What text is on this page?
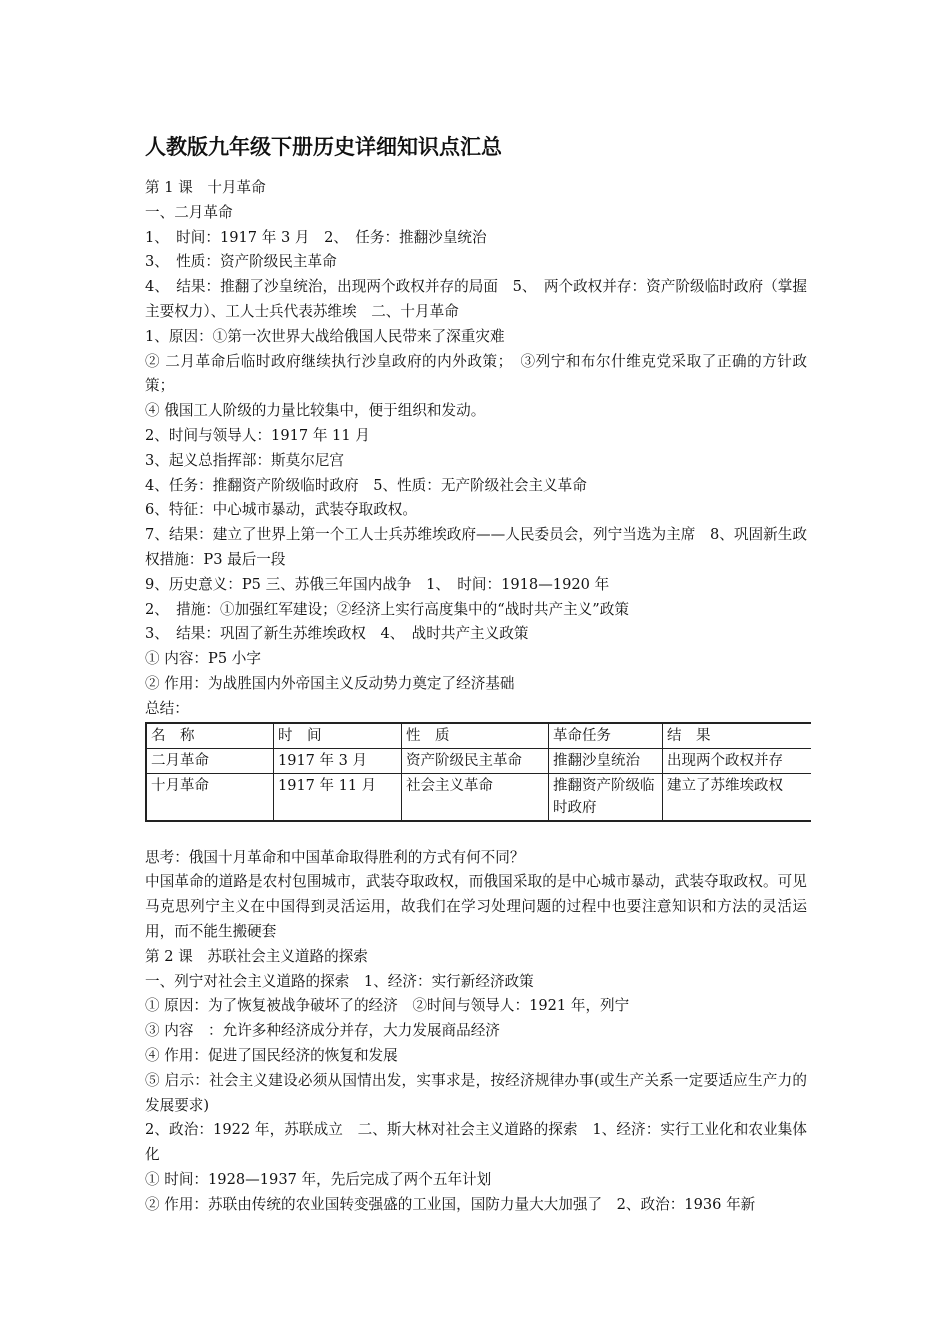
人教版九年级下册历史详细知识点汇总

第 1 课　十月革命

一、二月革命

1、　时间：1917 年 3 月　2、　任务：推翻沙皇统治

3、　性质：资产阶级民主革命

4、　结果：推翻了沙皇统治，出现两个政权并存的局面　5、　两个政权并存：资产阶级临时政府（掌握主要权力）、工人士兵代表苏维埃　二、十月革命

1、原因：①第一次世界大战给俄国人民带来了深重灾难

② 二月革命后临时政府继续执行沙皇政府的内外政策；　③列宁和布尔什维克党采取了正确的方针政策；

④ 俄国工人阶级的力量比较集中，便于组织和发动。

2、时间与领导人：1917 年 11 月

3、起义总指挥部：斯莫尔尼宫

4、任务：推翻资产阶级临时政府　5、性质：无产阶级社会主义革命

6、特征：中心城市暴动，武装夺取政权。

7、结果：建立了世界上第一个工人士兵苏维埃政府——人民委员会，列宁当选为主席　8、巩固新生政权措施：P3 最后一段

9、历史意义：P5 三、苏俄三年国内战争　1、　时间：1918—1920 年

2、　措施：①加强红军建设；②经济上实行高度集中的“战时共产主义”政策

3、　结果：巩固了新生苏维埃政权　4、　战时共产主义政策

① 内容：P5 小字

② 作用：为战胜国内外帝国主义反动势力奠定了经济基础

总结：

名　称	时　间	性　质	革命任务	结　果
二月革命	1917 年 3 月	资产阶级民主革命	推翻沙皇统治	出现两个政权并存
十月革命	1917 年 11 月	社会主义革命	推翻资产阶级临时政府	建立了苏维埃政权

思考：俄国十月革命和中国革命取得胜利的方式有何不同？

中国革命的道路是农村包围城市，武装夺取政权，而俄国采取的是中心城市暴动，武装夺取政权。可见马克思列宁主义在中国得到灵活运用，故我们在学习处理问题的过程中也要注意知识和方法的灵活运用，而不能生搬硬套

第 2 课　苏联社会主义道路的探索

一、列宁对社会主义道路的探索　1、经济：实行新经济政策

① 原因：为了恢复被战争破坏了的经济　②时间与领导人：1921 年，列宁

③ 内容　：允许多种经济成分并存，大力发展商品经济

④ 作用：促进了国民经济的恢复和发展

⑤ 启示：社会主义建设必须从国情出发，实事求是，按经济规律办事(或生产关系一定要适应生产力的发展要求)

2、政治：1922 年，苏联成立　二、斯大林对社会主义道路的探索　1、经济：实行工业化和农业集体化

① 时间：1928—1937 年，先后完成了两个五年计划

② 作用：苏联由传统的农业国转变强盛的工业国，国防力量大大加强了　2、政治：1936 年新
